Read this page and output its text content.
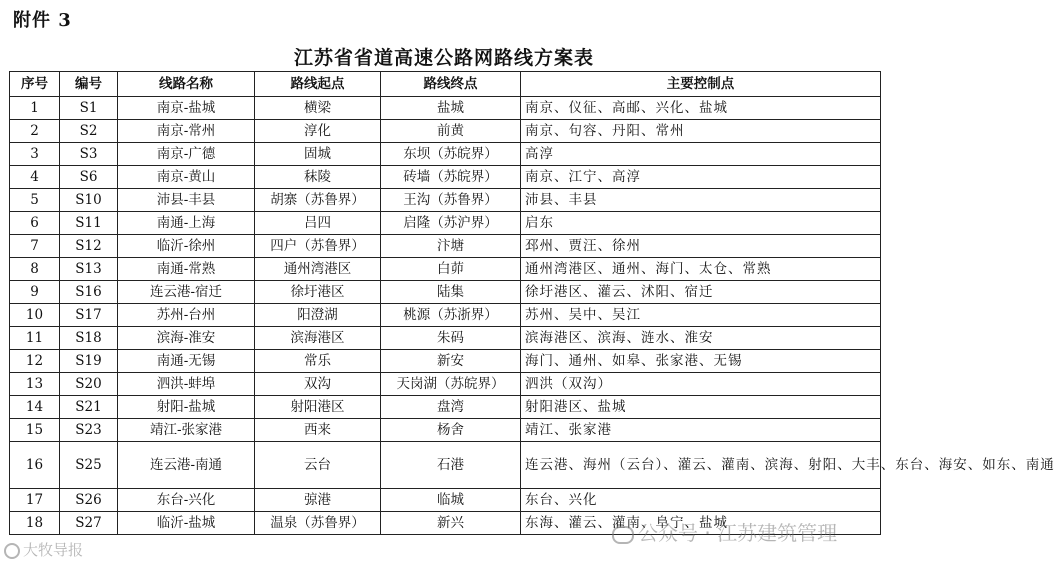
附件 3
江苏省省道高速公路网路线方案表
序号	编号	线路名称	路线起点	路线终点	主要控制点
1	S1	南京-盐城	横梁	盐城	南京、仪征、高邮、兴化、盐城
2	S2	南京-常州	淳化	前黄	南京、句容、丹阳、常州
3	S3	南京-广德	固城	东坝（苏皖界）	高淳
4	S6	南京-黄山	秣陵	砖墙（苏皖界）	南京、江宁、高淳
5	S10	沛县-丰县	胡寨（苏鲁界）	王沟（苏鲁界）	沛县、丰县
6	S11	南通-上海	吕四	启隆（苏沪界）	启东
7	S12	临沂-徐州	四户（苏鲁界）	汴塘	邳州、贾汪、徐州
8	S13	南通-常熟	通州湾港区	白茆	通州湾港区、通州、海门、太仓、常熟
9	S16	连云港-宿迁	徐圩港区	陆集	徐圩港区、灌云、沭阳、宿迁
10	S17	苏州-台州	阳澄湖	桃源（苏浙界）	苏州、吴中、吴江
11	S18	滨海-淮安	滨海港区	朱码	滨海港区、滨海、涟水、淮安
12	S19	南通-无锡	常乐	新安	海门、通州、如皋、张家港、无锡
13	S20	泗洪-蚌埠	双沟	天岗湖（苏皖界）	泗洪（双沟）
14	S21	射阳-盐城	射阳港区	盘湾	射阳港区、盐城
15	S23	靖江-张家港	西来	杨舍	靖江、张家港
16	S25	连云港-南通	云台	石港	连云港、海州（云台）、灌云、灌南、滨海、射阳、大丰、东台、海安、如东、南通
17	S26	东台-兴化	弶港	临城	东台、兴化
18	S27	临沂-盐城	温泉（苏鲁界）	新兴	东海、灌云、灌南、阜宁、盐城
公众号 · 江苏建筑管理
大牧导报
